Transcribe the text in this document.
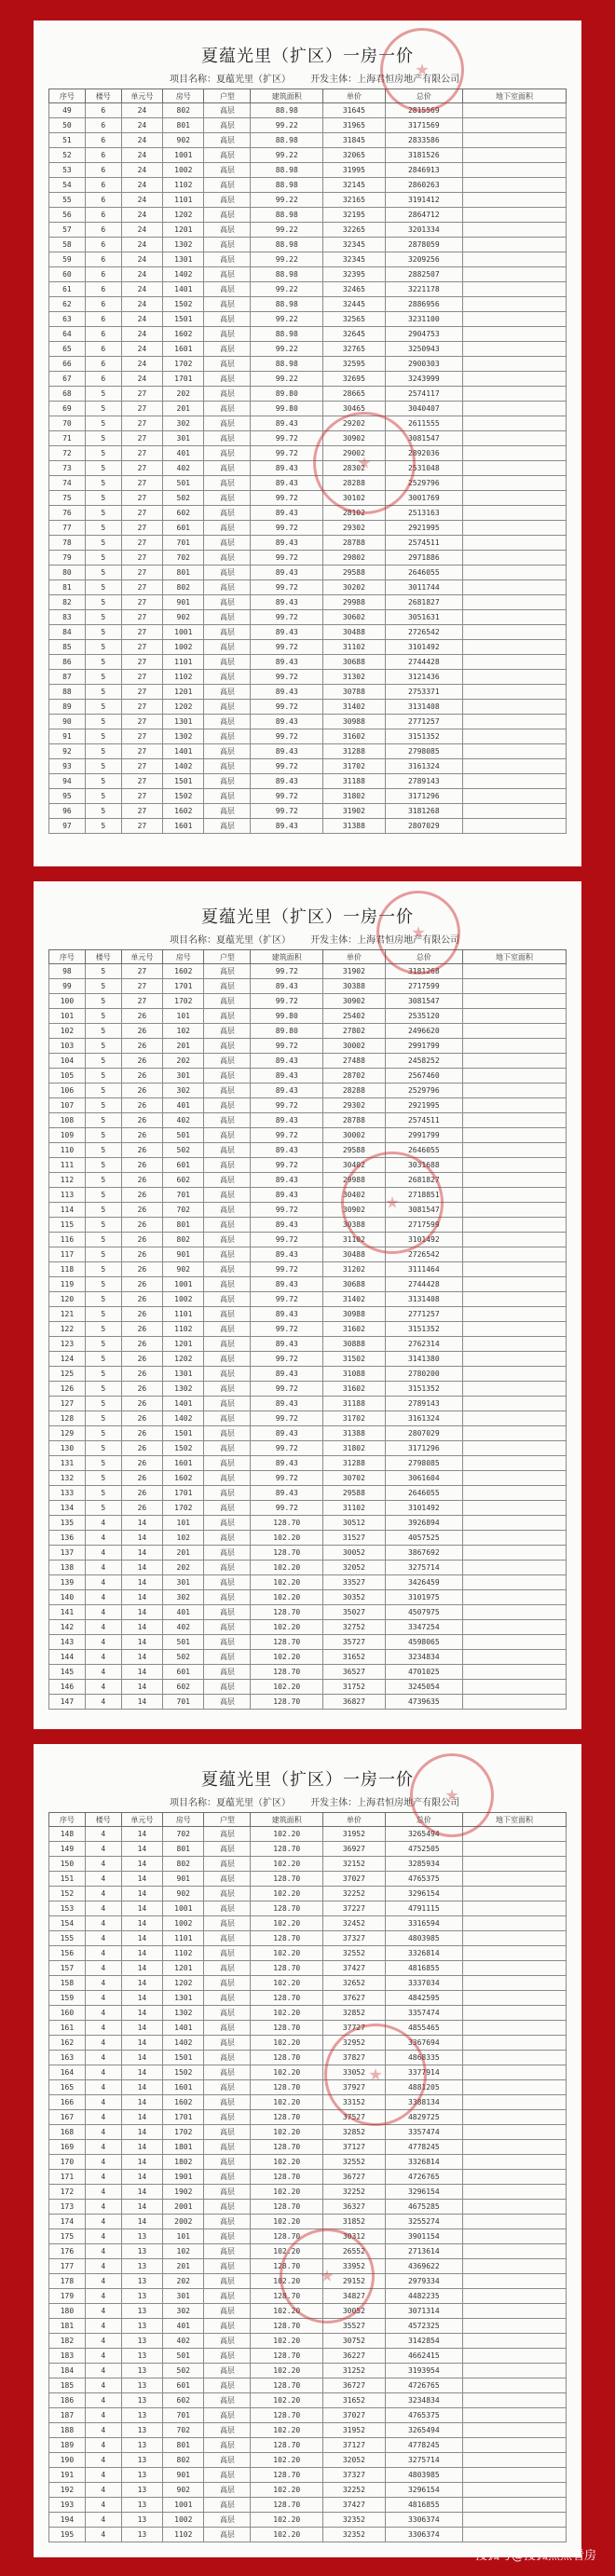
夏蕴光里（扩区）一房一价
项目名称：夏蕴光里（扩区） 开发主体：上海君恒房地产有限公司
序号	楼号	单元号	房号	户型	建筑面积	单价	总价	地下室面积
49	6	24	802	高层	88.98	31645	2815569	
50	6	24	801	高层	99.22	31965	3171569	
51	6	24	902	高层	88.98	31845	2833586	
52	6	24	1001	高层	99.22	32065	3181526	
53	6	24	1002	高层	88.98	31995	2846913	
54	6	24	1102	高层	88.98	32145	2860263	
55	6	24	1101	高层	99.22	32165	3191412	
56	6	24	1202	高层	88.98	32195	2864712	
57	6	24	1201	高层	99.22	32265	3201334	
58	6	24	1302	高层	88.98	32345	2878059	
59	6	24	1301	高层	99.22	32345	3209256	
60	6	24	1402	高层	88.98	32395	2882507	
61	6	24	1401	高层	99.22	32465	3221178	
62	6	24	1502	高层	88.98	32445	2886956	
63	6	24	1501	高层	99.22	32565	3231100	
64	6	24	1602	高层	88.98	32645	2904753	
65	6	24	1601	高层	99.22	32765	3250943	
66	6	24	1702	高层	88.98	32595	2900303	
67	6	24	1701	高层	99.22	32695	3243999	
68	5	27	202	高层	89.80	28665	2574117	
69	5	27	201	高层	99.80	30465	3040407	
70	5	27	302	高层	89.43	29202	2611555	
71	5	27	301	高层	99.72	30902	3081547	
72	5	27	401	高层	99.72	29002	2892036	
73	5	27	402	高层	89.43	28302	2531048	
74	5	27	501	高层	89.43	28288	2529796	
75	5	27	502	高层	99.72	30102	3001769	
76	5	27	602	高层	89.43	28102	2513163	
77	5	27	601	高层	99.72	29302	2921995	
78	5	27	701	高层	89.43	28788	2574511	
79	5	27	702	高层	99.72	29802	2971886	
80	5	27	801	高层	89.43	29588	2646055	
81	5	27	802	高层	99.72	30202	3011744	
82	5	27	901	高层	89.43	29988	2681827	
83	5	27	902	高层	99.72	30602	3051631	
84	5	27	1001	高层	89.43	30488	2726542	
85	5	27	1002	高层	99.72	31102	3101492	
86	5	27	1101	高层	89.43	30688	2744428	
87	5	27	1102	高层	99.72	31302	3121436	
88	5	27	1201	高层	89.43	30788	2753371	
89	5	27	1202	高层	99.72	31402	3131408	
90	5	27	1301	高层	89.43	30988	2771257	
91	5	27	1302	高层	99.72	31602	3151352	
92	5	27	1401	高层	89.43	31288	2798085	
93	5	27	1402	高层	99.72	31702	3161324	
94	5	27	1501	高层	89.43	31188	2789143	
95	5	27	1502	高层	99.72	31802	3171296	
96	5	27	1602	高层	99.72	31902	3181268	
97	5	27	1601	高层	89.43	31388	2807029	
夏蕴光里（扩区）一房一价
项目名称：夏蕴光里（扩区） 开发主体：上海君恒房地产有限公司
序号	楼号	单元号	房号	户型	建筑面积	单价	总价	地下室面积
98	5	27	1602	高层	99.72	31902	3181268	
99	5	27	1701	高层	89.43	30388	2717599	
100	5	27	1702	高层	99.72	30902	3081547	
101	5	26	101	高层	99.80	25402	2535120	
102	5	26	102	高层	89.80	27802	2496620	
103	5	26	201	高层	99.72	30002	2991799	
104	5	26	202	高层	89.43	27488	2458252	
105	5	26	301	高层	89.43	28702	2567460	
106	5	26	302	高层	89.43	28288	2529796	
107	5	26	401	高层	99.72	29302	2921995	
108	5	26	402	高层	89.43	28788	2574511	
109	5	26	501	高层	99.72	30002	2991799	
110	5	26	502	高层	89.43	29588	2646055	
111	5	26	601	高层	99.72	30402	3031688	
112	5	26	602	高层	89.43	29988	2681827	
113	5	26	701	高层	89.43	30402	2718851	
114	5	26	702	高层	99.72	30902	3081547	
115	5	26	801	高层	89.43	30388	2717599	
116	5	26	802	高层	99.72	31102	3101492	
117	5	26	901	高层	89.43	30488	2726542	
118	5	26	902	高层	99.72	31202	3111464	
119	5	26	1001	高层	89.43	30688	2744428	
120	5	26	1002	高层	99.72	31402	3131408	
121	5	26	1101	高层	89.43	30988	2771257	
122	5	26	1102	高层	99.72	31602	3151352	
123	5	26	1201	高层	89.43	30888	2762314	
124	5	26	1202	高层	99.72	31502	3141380	
125	5	26	1301	高层	89.43	31088	2780200	
126	5	26	1302	高层	99.72	31602	3151352	
127	5	26	1401	高层	89.43	31188	2789143	
128	5	26	1402	高层	99.72	31702	3161324	
129	5	26	1501	高层	89.43	31388	2807029	
130	5	26	1502	高层	99.72	31802	3171296	
131	5	26	1601	高层	89.43	31288	2798085	
132	5	26	1602	高层	99.72	30702	3061604	
133	5	26	1701	高层	89.43	29588	2646055	
134	5	26	1702	高层	99.72	31102	3101492	
135	4	14	101	高层	128.70	30512	3926894	
136	4	14	102	高层	102.20	31527	4057525	
137	4	14	201	高层	128.70	30052	3867692	
138	4	14	202	高层	102.20	32052	3275714	
139	4	14	301	高层	102.20	33527	3426459	
140	4	14	302	高层	102.20	30352	3101975	
141	4	14	401	高层	128.70	35027	4507975	
142	4	14	402	高层	102.20	32752	3347254	
143	4	14	501	高层	128.70	35727	4598065	
144	4	14	502	高层	102.20	31652	3234834	
145	4	14	601	高层	128.70	36527	4701025	
146	4	14	602	高层	102.20	31752	3245054	
147	4	14	701	高层	128.70	36827	4739635	
夏蕴光里（扩区）一房一价
项目名称：夏蕴光里（扩区） 开发主体：上海君恒房地产有限公司
序号	楼号	单元号	房号	户型	建筑面积	单价	总价	地下室面积
148	4	14	702	高层	102.20	31952	3265494	
149	4	14	801	高层	128.70	36927	4752505	
150	4	14	802	高层	102.20	32152	3285934	
151	4	14	901	高层	128.70	37027	4765375	
152	4	14	902	高层	102.20	32252	3296154	
153	4	14	1001	高层	128.70	37227	4791115	
154	4	14	1002	高层	102.20	32452	3316594	
155	4	14	1101	高层	128.70	37327	4803985	
156	4	14	1102	高层	102.20	32552	3326814	
157	4	14	1201	高层	128.70	37427	4816855	
158	4	14	1202	高层	102.20	32652	3337034	
159	4	14	1301	高层	128.70	37627	4842595	
160	4	14	1302	高层	102.20	32852	3357474	
161	4	14	1401	高层	128.70	37727	4855465	
162	4	14	1402	高层	102.20	32952	3367694	
163	4	14	1501	高层	128.70	37827	4868335	
164	4	14	1502	高层	102.20	33052	3377914	
165	4	14	1601	高层	128.70	37927	4881205	
166	4	14	1602	高层	102.20	33152	3388134	
167	4	14	1701	高层	128.70	37527	4829725	
168	4	14	1702	高层	102.20	32852	3357474	
169	4	14	1801	高层	128.70	37127	4778245	
170	4	14	1802	高层	102.20	32552	3326814	
171	4	14	1901	高层	128.70	36727	4726765	
172	4	14	1902	高层	102.20	32252	3296154	
173	4	14	2001	高层	128.70	36327	4675285	
174	4	14	2002	高层	102.20	31852	3255274	
175	4	13	101	高层	128.70	30312	3901154	
176	4	13	102	高层	102.20	26552	2713614	
177	4	13	201	高层	128.70	33952	4369622	
178	4	13	202	高层	102.20	29152	2979334	
179	4	13	301	高层	128.70	34827	4482235	
180	4	13	302	高层	102.20	30052	3071314	
181	4	13	401	高层	128.70	35527	4572325	
182	4	13	402	高层	102.20	30752	3142854	
183	4	13	501	高层	128.70	36227	4662415	
184	4	13	502	高层	102.20	31252	3193954	
185	4	13	601	高层	128.70	36727	4726765	
186	4	13	602	高层	102.20	31652	3234834	
187	4	13	701	高层	128.70	37027	4765375	
188	4	13	702	高层	102.20	31952	3265494	
189	4	13	801	高层	128.70	37127	4778245	
190	4	13	802	高层	102.20	32052	3275714	
191	4	13	901	高层	128.70	37327	4803985	
192	4	13	902	高层	102.20	32252	3296154	
193	4	13	1001	高层	128.70	37427	4816855	
194	4	13	1002	高层	102.20	32352	3306374	
195	4	13	1102	高层	102.20	32352	3306374	
搜狐号@搜狐焦点看房
